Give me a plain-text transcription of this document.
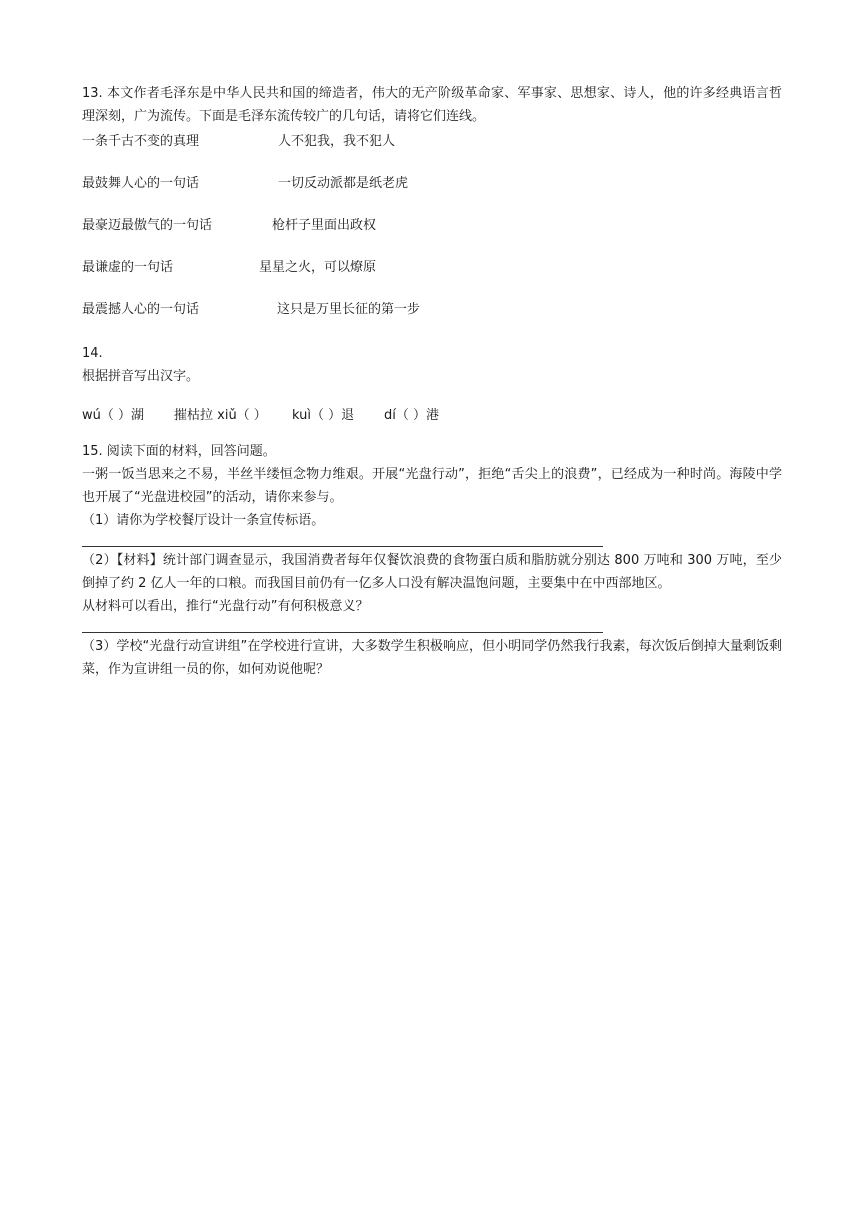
13. 本文作者毛泽东是中华人民共和国的缔造者，伟大的无产阶级革命家、军事家、思想家、诗人，他的许多经典语言哲理深刻，广为流传。下面是毛泽东流传较广的几句话，请将它们连线。

一条千古不变的真理	人不犯我，我不犯人
最鼓舞人心的一句话	一切反动派都是纸老虎
最豪迈最傲气的一句话	枪杆子里面出政权
最谦虚的一句话	星星之火，可以燎原
最震撼人心的一句话	这只是万里长征的第一步

14.

根据拼音写出汉字。

wú（ ）湖	摧枯拉 xiǔ（ ）	kuì（ ）退	dí（ ）港

15. 阅读下面的材料，回答问题。

一粥一饭当思来之不易，半丝半缕恒念物力维艰。开展“光盘行动”，拒绝“舌尖上的浪费”，已经成为一种时尚。海陵中学也开展了“光盘进校园”的活动，请你来参与。

（1）请你为学校餐厅设计一条宣传标语。

（2）【材料】统计部门调查显示，我国消费者每年仅餐饮浪费的食物蛋白质和脂肪就分别达 800 万吨和 300 万吨，至少倒掉了约 2 亿人一年的口粮。而我国目前仍有一亿多人口没有解决温饱问题，主要集中在中西部地区。

从材料可以看出，推行“光盘行动”有何积极意义？

（3）学校“光盘行动宣讲组”在学校进行宣讲，大多数学生积极响应，但小明同学仍然我行我素，每次饭后倒掉大量剩饭剩菜，作为宣讲组一员的你，如何劝说他呢？
